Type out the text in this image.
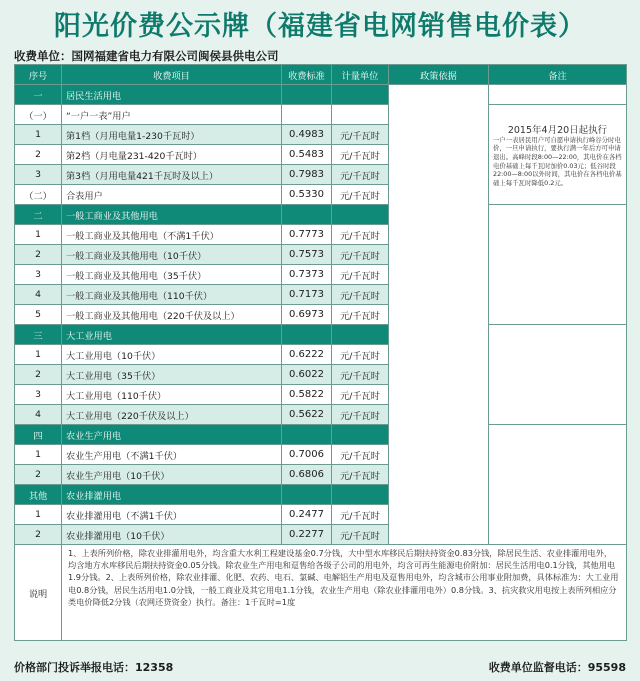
阳光价费公示牌（福建省电网销售电价表）
收费单位：国网福建省电力有限公司闽侯县供电公司
序号	收费项目	收费标准	计量单位	政策依据	备注
一	居民生活用电			发改价格[2015]748号 闽价商[2015]109号 发改价格[2015]3105号 闽价商[2016]2号	
（一）	“一户一表”用户				2015年4月20日起执行
一户一表居民用户可自愿申请执行峰谷分时电价，一旦申请执行，要执行满一年后方可申请退出。高峰时段8:00—22:00，其电价在各档电价基础上每千瓦时加价0.03元；低谷时段22:00—8:00以外时间，其电价在各档电价基础上每千瓦时降低0.2元。

1	第1档（月用电量1-230千瓦时）	0.4983	元/千瓦时		
2	第2档（月电量231-420千瓦时）	0.5483	元/千瓦时		
3	第3档（月用电量421千瓦时及以上）	0.7983	元/千瓦时		
（二）	合表用户	0.5330	元/千瓦时		
二	一般工商业及其他用电				2016年1月1日起执行

1	一般工商业及其他用电（不满1千伏）	0.7773	元/千瓦时		
2	一般工商业及其他用电（10千伏）	0.7573	元/千瓦时		
3	一般工商业及其他用电（35千伏）	0.7373	元/千瓦时		
4	一般工商业及其他用电（110千伏）	0.7173	元/千瓦时		
5	一般工商业及其他用电（220千伏及以上）	0.6973	元/千瓦时		
三	大工业用电				2016年1月1日起执行
基本电价：
1、最大需量：39元/千瓦·月
2、变压器容量：26元/千伏安·月

1	大工业用电（10千伏）	0.6222	元/千瓦时		
2	大工业用电（35千伏）	0.6022	元/千瓦时		
3	大工业用电（110千伏）	0.5822	元/千瓦时		
4	大工业用电（220千伏及以上）	0.5622	元/千瓦时		
四	农业生产用电				2015年4月20日起执行

1	农业生产用电（不满1千伏）	0.7006	元/千瓦时		
2	农业生产用电（10千伏）	0.6806	元/千瓦时		
其他	农业排灌用电				
1	农业排灌用电（不满1千伏）	0.2477	元/千瓦时		
2	农业排灌用电（10千伏）	0.2277	元/千瓦时		
说明	1、上表所列价格，除农业排灌用电外，均含重大水利工程建设基金0.7分钱，大中型水库移民后期扶持资金0.83分钱，除居民生活、农业排灌用电外，均含地方水库移民后期扶持资金0.05分钱。除农业生产用电和趸售给各级子公司的用电外，均含可再生能源电价附加：居民生活用电0.1分钱，其他用电1.9分钱。2、上表所列价格，除农业排灌、化肥、农药、电石、氯碱、电解铝生产用电及趸售用电外，均含城市公用事业附加费，具体标准为：大工业用电0.8分钱，居民生活用电1.0分钱，一般工商业及其它用电1.1分钱，农业生产用电（除农业排灌用电外）0.8分钱。3、抗灾救灾用电按上表所列相应分类电价降低2分钱（农网还贷资金）执行。备注：1千瓦时=1度				
价格部门投诉举报电话：12358	收费单位监督电话：95598
